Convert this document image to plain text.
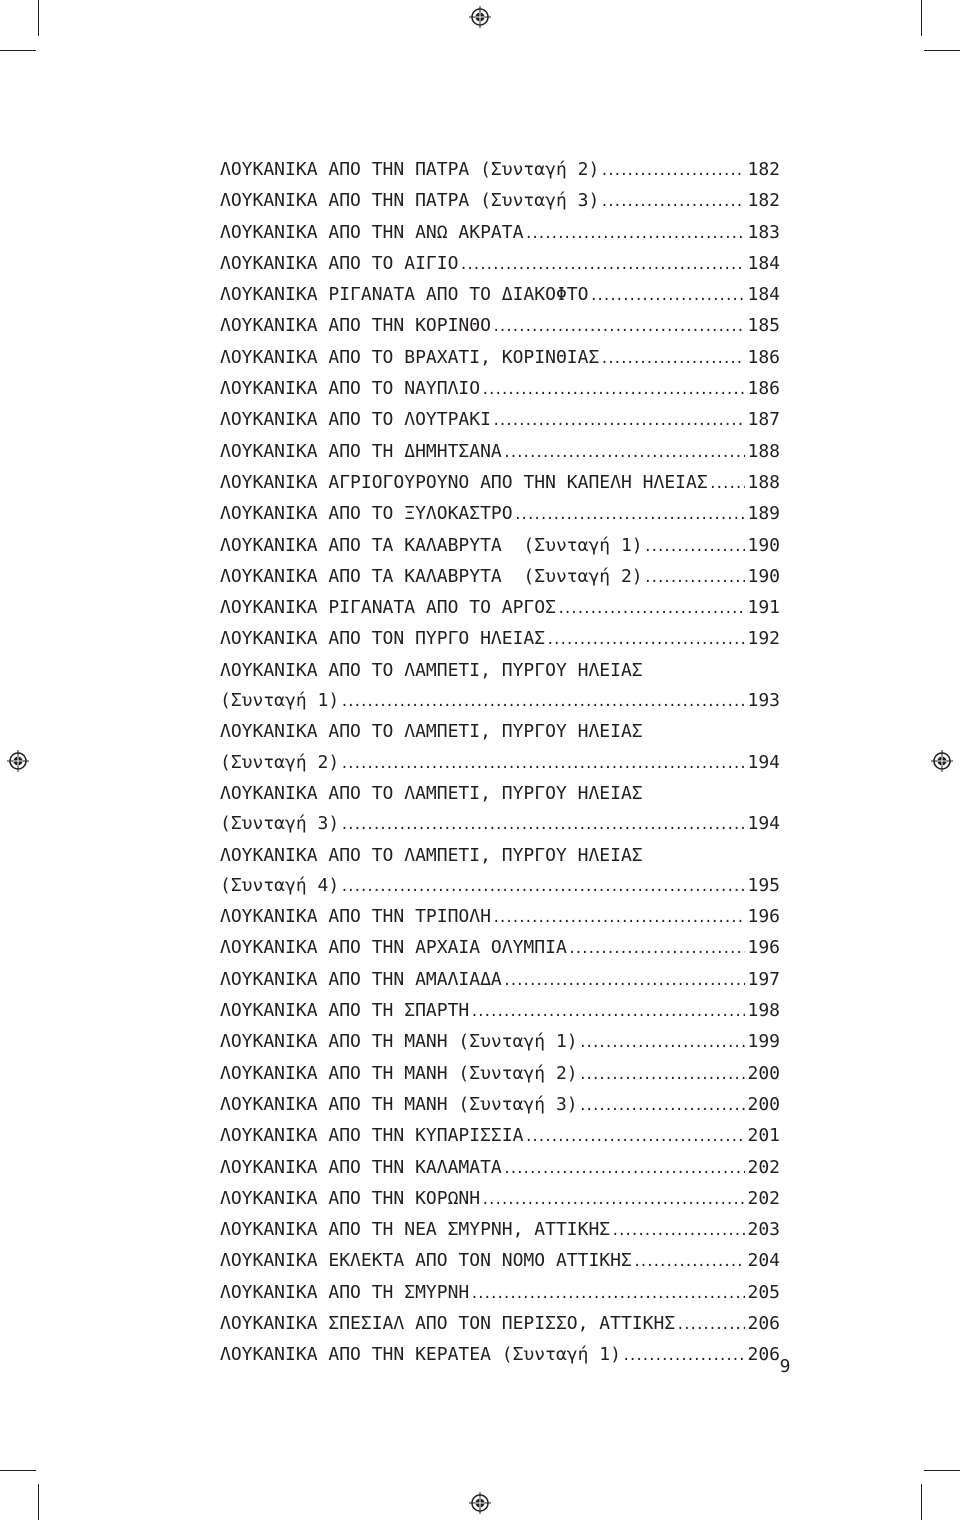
ΛΟΥΚΑΝΙΚΑ ΑΠΟ ΤΗΝ ΠΑΤΡΑ (Συνταγή 2) .....	182
ΛΟΥΚΑΝΙΚΑ ΑΠΟ ΤΗΝ ΠΑΤΡΑ (Συνταγή 3) .....	182
ΛΟΥΚΑΝΙΚΑ ΑΠΟ ΤΗΝ ΑΝΩ ΑΚΡΑΤΑ .....	183
ΛΟΥΚΑΝΙΚΑ ΑΠΟ ΤΟ ΑΙΓΙΟ .....	184
ΛΟΥΚΑΝΙΚΑ ΡΙΓΑΝΑΤΑ ΑΠΟ ΤΟ ΔΙΑΚΟΦΤΟ .....	184
ΛΟΥΚΑΝΙΚΑ ΑΠΟ ΤΗΝ ΚΟΡΙΝΘΟ .....	185
ΛΟΥΚΑΝΙΚΑ ΑΠΟ ΤΟ ΒΡΑΧΑΤΙ, ΚΟΡΙΝΘΙΑΣ .....	186
ΛΟΥΚΑΝΙΚΑ ΑΠΟ ΤΟ ΝΑΥΠΛΙΟ .....	186
ΛΟΥΚΑΝΙΚΑ ΑΠΟ ΤΟ ΛΟΥΤΡΑΚΙ .....	187
ΛΟΥΚΑΝΙΚΑ ΑΠΟ ΤΗ ΔΗΜΗΤΣΑΝΑ .....	188
ΛΟΥΚΑΝΙΚΑ ΑΓΡΙΟΓΟΥΡΟΥΝΟ ΑΠΟ ΤΗΝ ΚΑΠΕΛΗ ΗΛΕΙΑΣ ..... 188
ΛΟΥΚΑΝΙΚΑ ΑΠΟ ΤΟ ΞΥΛΟΚΑΣΤΡΟ .....	189
ΛΟΥΚΑΝΙΚΑ ΑΠΟ ΤΑ ΚΑΛΑΒΡΥΤΑ  (Συνταγή 1) .....	190
ΛΟΥΚΑΝΙΚΑ ΑΠΟ ΤΑ ΚΑΛΑΒΡΥΤΑ  (Συνταγή 2) .....	190
ΛΟΥΚΑΝΙΚΑ ΡΙΓΑΝΑΤΑ ΑΠΟ ΤΟ ΑΡΓΟΣ .....	191
ΛΟΥΚΑΝΙΚΑ ΑΠΟ ΤΟΝ ΠΥΡΓΟ ΗΛΕΙΑΣ .....	192
ΛΟΥΚΑΝΙΚΑ ΑΠΟ ΤΟ ΛΑΜΠΕΤΙ, ΠΥΡΓΟΥ ΗΛΕΙΑΣ
(Συνταγή 1) .....	193
ΛΟΥΚΑΝΙΚΑ ΑΠΟ ΤΟ ΛΑΜΠΕΤΙ, ΠΥΡΓΟΥ ΗΛΕΙΑΣ
(Συνταγή 2) .....	194
ΛΟΥΚΑΝΙΚΑ ΑΠΟ ΤΟ ΛΑΜΠΕΤΙ, ΠΥΡΓΟΥ ΗΛΕΙΑΣ
(Συνταγή 3) .....	194
ΛΟΥΚΑΝΙΚΑ ΑΠΟ ΤΟ ΛΑΜΠΕΤΙ, ΠΥΡΓΟΥ ΗΛΕΙΑΣ
(Συνταγή 4) .....	195
ΛΟΥΚΑΝΙΚΑ ΑΠΟ ΤΗΝ ΤΡΙΠΟΛΗ .....	196
ΛΟΥΚΑΝΙΚΑ ΑΠΟ ΤΗΝ ΑΡΧΑΙΑ ΟΛΥΜΠΙΑ .....	196
ΛΟΥΚΑΝΙΚΑ ΑΠΟ ΤΗΝ ΑΜΑΛΙΑΔΑ .....	197
ΛΟΥΚΑΝΙΚΑ ΑΠΟ ΤΗ ΣΠΑΡΤΗ .....	198
ΛΟΥΚΑΝΙΚΑ ΑΠΟ ΤΗ ΜΑΝΗ (Συνταγή 1) .....	199
ΛΟΥΚΑΝΙΚΑ ΑΠΟ ΤΗ ΜΑΝΗ (Συνταγή 2) .....	200
ΛΟΥΚΑΝΙΚΑ ΑΠΟ ΤΗ ΜΑΝΗ (Συνταγή 3) .....	200
ΛΟΥΚΑΝΙΚΑ ΑΠΟ ΤΗΝ ΚΥΠΑΡΙΣΣΙΑ .....	201
ΛΟΥΚΑΝΙΚΑ ΑΠΟ ΤΗΝ ΚΑΛΑΜΑΤΑ .....	202
ΛΟΥΚΑΝΙΚΑ ΑΠΟ ΤΗΝ ΚΟΡΩΝΗ .....	202
ΛΟΥΚΑΝΙΚΑ ΑΠΟ ΤΗ ΝΕΑ ΣΜΥΡΝΗ, ΑΤΤΙΚΗΣ .....	203
ΛΟΥΚΑΝΙΚΑ ΕΚΛΕΚΤΑ ΑΠΟ ΤΟΝ ΝΟΜΟ ΑΤΤΙΚΗΣ .....	204
ΛΟΥΚΑΝΙΚΑ ΑΠΟ ΤΗ ΣΜΥΡΝΗ .....	205
ΛΟΥΚΑΝΙΚΑ ΣΠΕΣΙΑΛ ΑΠΟ ΤΟΝ ΠΕΡΙΣΣΟ, ΑΤΤΙΚΗΣ .....	206
ΛΟΥΚΑΝΙΚΑ ΑΠΟ ΤΗΝ ΚΕΡΑΤΕΑ (Συνταγή 1) .....	206
9
